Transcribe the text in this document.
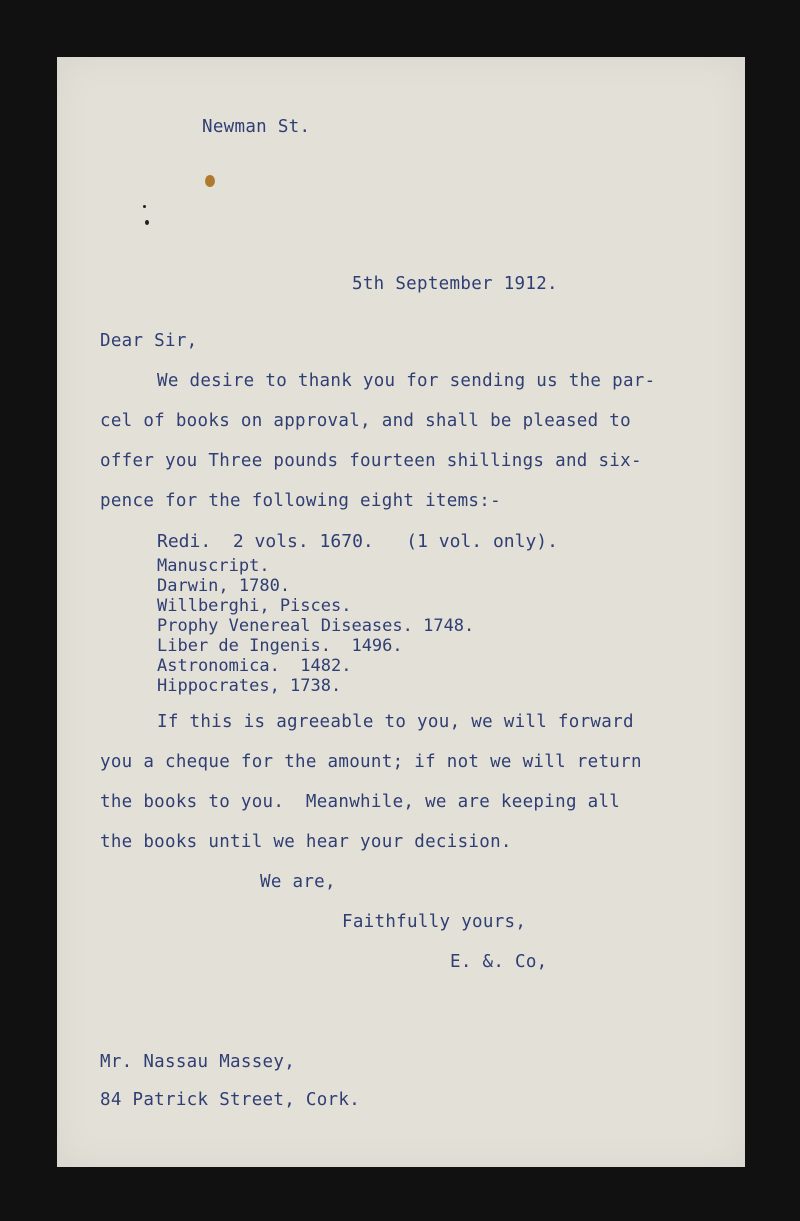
Newman St.

5th September 1912.

Dear Sir,

We desire to thank you for sending us the par-

cel of books on approval, and shall be pleased to

offer you Three pounds fourteen shillings and six-

pence for the following eight items:-

Redi.  2 vols. 1670.   (1 vol. only).

Manuscript.

Darwin, 1780.

Willberghi, Pisces.

Prophy Venereal Diseases. 1748.

Liber de Ingenis.  1496.

Astronomica.  1482.

Hippocrates, 1738.

If this is agreeable to you, we will forward

you a cheque for the amount; if not we will return

the books to you.  Meanwhile, we are keeping all

the books until we hear your decision.

We are,

Faithfully yours,

E. &. Co,

Mr. Nassau Massey,

84 Patrick Street, Cork.
